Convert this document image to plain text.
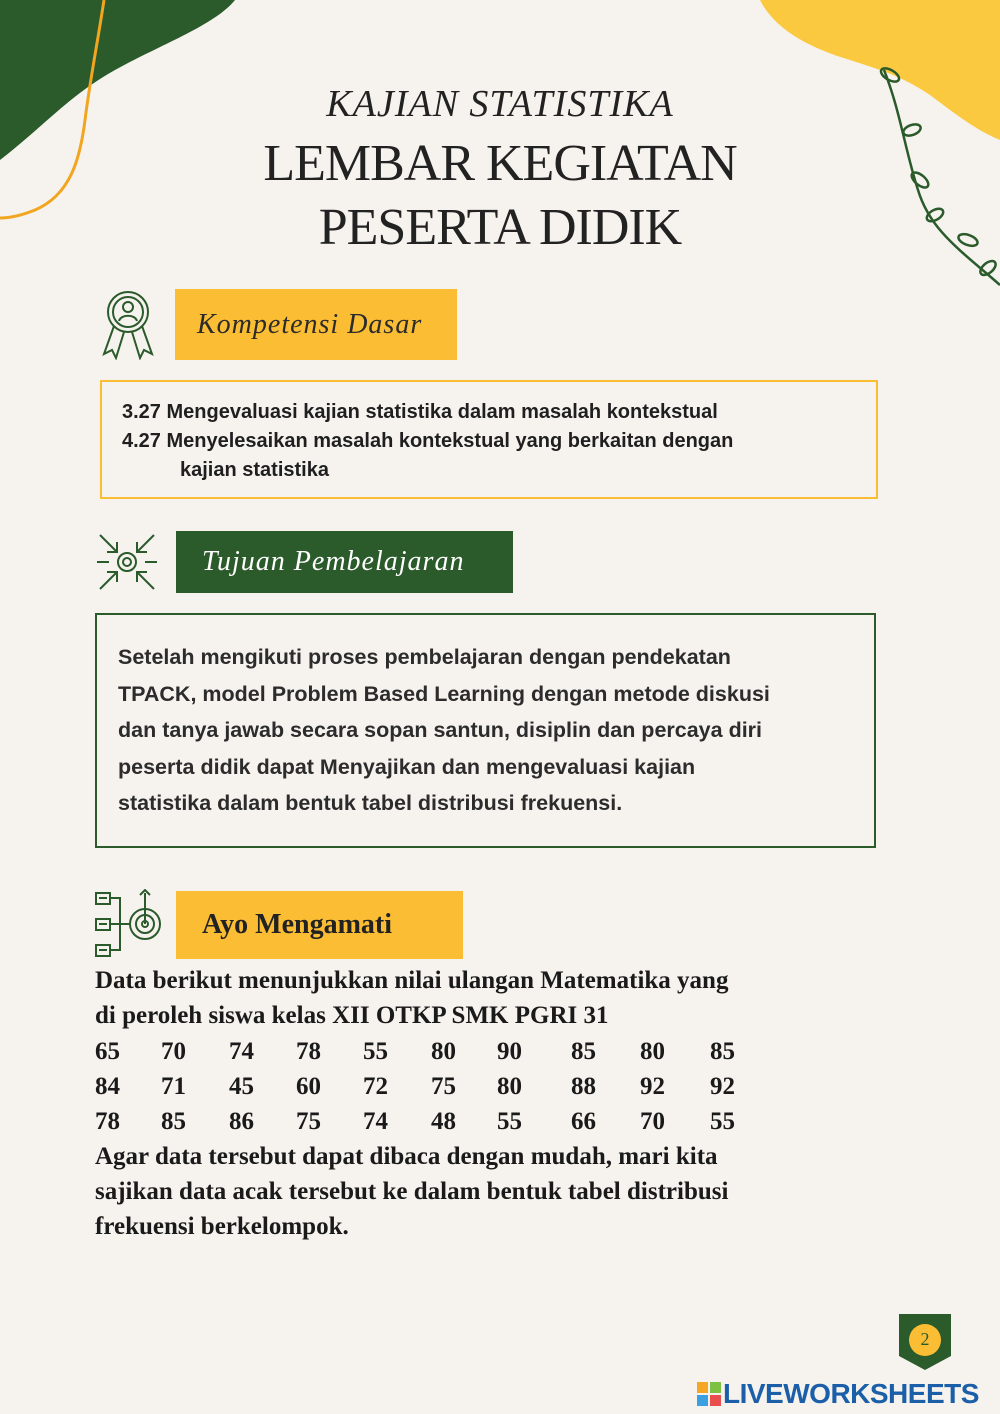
KAJIAN STATISTIKA
LEMBAR KEGIATAN
PESERTA DIDIK
Kompetensi Dasar
3.27 Mengevaluasi kajian statistika dalam masalah kontekstual
4.27 Menyelesaikan masalah kontekstual yang berkaitan dengan
kajian statistika
Tujuan Pembelajaran
Setelah mengikuti proses pembelajaran dengan pendekatan
TPACK, model Problem Based Learning dengan metode diskusi
dan tanya jawab secara sopan santun, disiplin dan percaya diri
peserta didik dapat Menyajikan dan mengevaluasi kajian
statistika dalam bentuk tabel distribusi frekuensi.
Ayo Mengamati
Data berikut menunjukkan nilai ulangan Matematika yang
di peroleh siswa kelas XII OTKP SMK PGRI 31
65 70 74 78 55 80 90 85 80 85
84 71 45 60 72 75 80 88 92 92
78 85 86 75 74 48 55 66 70 55
Agar data tersebut dapat dibaca dengan mudah, mari kita
sajikan data acak tersebut ke dalam bentuk tabel distribusi
frekuensi berkelompok.
2
LIVEWORKSHEETS
